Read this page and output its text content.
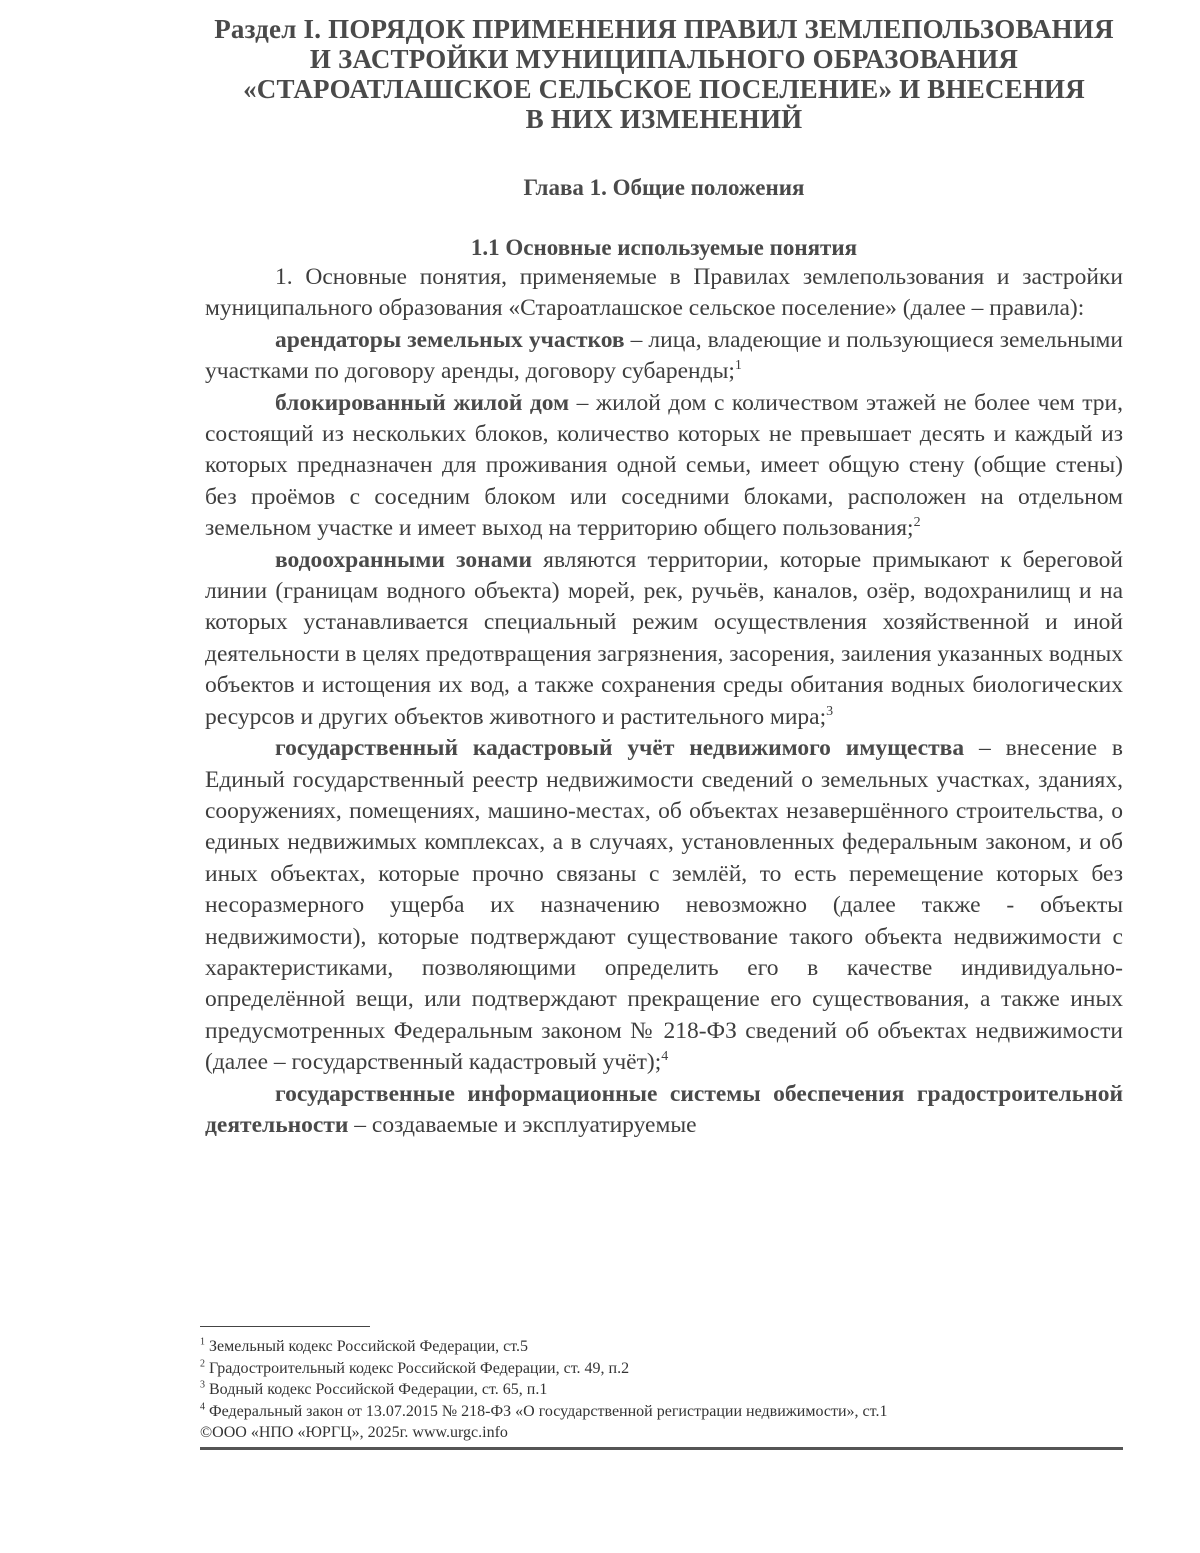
Раздел I. ПОРЯДОК ПРИМЕНЕНИЯ ПРАВИЛ ЗЕМЛЕПОЛЬЗОВАНИЯ
И ЗАСТРОЙКИ МУНИЦИПАЛЬНОГО ОБРАЗОВАНИЯ
«СТАРОАТЛАШСКОЕ СЕЛЬСКОЕ ПОСЕЛЕНИЕ» И ВНЕСЕНИЯ
В НИХ ИЗМЕНЕНИЙ
Глава 1. Общие положения
1.1 Основные используемые понятия

1. Основные понятия, применяемые в Правилах землепользования и застройки муниципального образования «Староатлашское сельское поселение» (далее – правила):

арендаторы земельных участков – лица, владеющие и пользующиеся земельными участками по договору аренды, договору субаренды;$^1$

блокированный жилой дом – жилой дом с количеством этажей не более чем три, состоящий из нескольких блоков, количество которых не превышает десять и каждый из которых предназначен для проживания одной семьи, имеет общую стену (общие стены) без проёмов с соседним блоком или соседними блоками, расположен на отдельном земельном участке и имеет выход на территорию общего пользования;$^2$

водоохранными зонами являются территории, которые примыкают к береговой линии (границам водного объекта) морей, рек, ручьёв, каналов, озёр, водохранилищ и на которых устанавливается специальный режим осуществления хозяйственной и иной деятельности в целях предотвращения загрязнения, засорения, заиления указанных водных объектов и истощения их вод, а также сохранения среды обитания водных биологических ресурсов и других объектов животного и растительного мира;$^3$

государственный кадастровый учёт недвижимого имущества – внесение в Единый государственный реестр недвижимости сведений о земельных участках, зданиях, сооружениях, помещениях, машино-местах, об объектах незавершённого строительства, о единых недвижимых комплексах, а в случаях, установленных федеральным законом, и об иных объектах, которые прочно связаны с землёй, то есть перемещение которых без несоразмерного ущерба их назначению невозможно (далее также - объекты недвижимости), которые подтверждают существование такого объекта недвижимости с характеристиками, позволяющими определить его в качестве индивидуально-определённой вещи, или подтверждают прекращение его существования, а также иных предусмотренных Федеральным законом № 218-ФЗ сведений об объектах недвижимости (далее – государственный кадастровый учёт);$^4$

государственные информационные системы обеспечения градостроительной деятельности – создаваемые и эксплуатируемые

$^1$ Земельный кодекс Российской Федерации, ст.5
$^2$ Градостроительный кодекс Российской Федерации, ст. 49, п.2
$^3$ Водный кодекс Российской Федерации, ст. 65, п.1
$^4$ Федеральный закон от 13.07.2015 № 218-ФЗ «О государственной регистрации недвижимости», ст.1
©ООО «НПО «ЮРГЦ», 2025г. www.urgc.info
